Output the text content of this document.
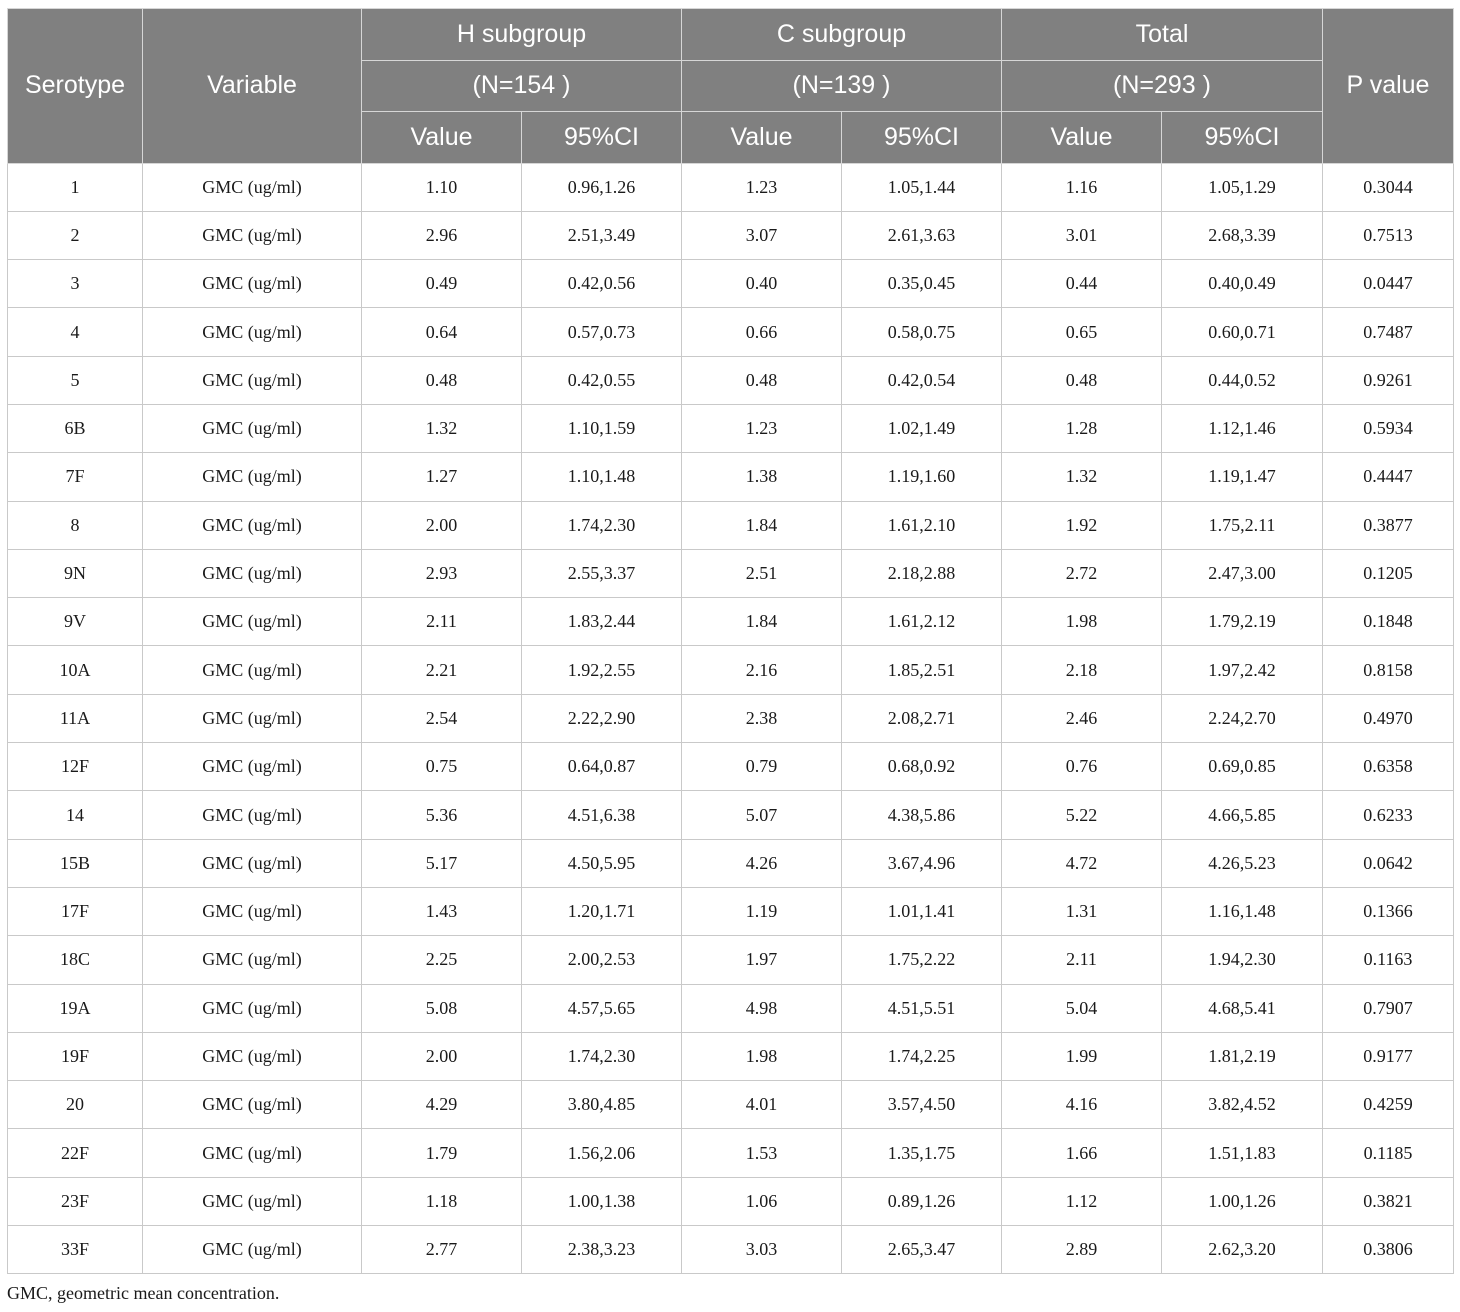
Serotype	Variable	H subgroup		C subgroup		Total		P value
		(N=154 )		(N=139 )		(N=293 )		
		Value	95%CI	Value	95%CI	Value	95%CI	
1	GMC (ug/ml)	1.10	0.96,1.26	1.23	1.05,1.44	1.16	1.05,1.29	0.3044
2	GMC (ug/ml)	2.96	2.51,3.49	3.07	2.61,3.63	3.01	2.68,3.39	0.7513
3	GMC (ug/ml)	0.49	0.42,0.56	0.40	0.35,0.45	0.44	0.40,0.49	0.0447
4	GMC (ug/ml)	0.64	0.57,0.73	0.66	0.58,0.75	0.65	0.60,0.71	0.7487
5	GMC (ug/ml)	0.48	0.42,0.55	0.48	0.42,0.54	0.48	0.44,0.52	0.9261
6B	GMC (ug/ml)	1.32	1.10,1.59	1.23	1.02,1.49	1.28	1.12,1.46	0.5934
7F	GMC (ug/ml)	1.27	1.10,1.48	1.38	1.19,1.60	1.32	1.19,1.47	0.4447
8	GMC (ug/ml)	2.00	1.74,2.30	1.84	1.61,2.10	1.92	1.75,2.11	0.3877
9N	GMC (ug/ml)	2.93	2.55,3.37	2.51	2.18,2.88	2.72	2.47,3.00	0.1205
9V	GMC (ug/ml)	2.11	1.83,2.44	1.84	1.61,2.12	1.98	1.79,2.19	0.1848
10A	GMC (ug/ml)	2.21	1.92,2.55	2.16	1.85,2.51	2.18	1.97,2.42	0.8158
11A	GMC (ug/ml)	2.54	2.22,2.90	2.38	2.08,2.71	2.46	2.24,2.70	0.4970
12F	GMC (ug/ml)	0.75	0.64,0.87	0.79	0.68,0.92	0.76	0.69,0.85	0.6358
14	GMC (ug/ml)	5.36	4.51,6.38	5.07	4.38,5.86	5.22	4.66,5.85	0.6233
15B	GMC (ug/ml)	5.17	4.50,5.95	4.26	3.67,4.96	4.72	4.26,5.23	0.0642
17F	GMC (ug/ml)	1.43	1.20,1.71	1.19	1.01,1.41	1.31	1.16,1.48	0.1366
18C	GMC (ug/ml)	2.25	2.00,2.53	1.97	1.75,2.22	2.11	1.94,2.30	0.1163
19A	GMC (ug/ml)	5.08	4.57,5.65	4.98	4.51,5.51	5.04	4.68,5.41	0.7907
19F	GMC (ug/ml)	2.00	1.74,2.30	1.98	1.74,2.25	1.99	1.81,2.19	0.9177
20	GMC (ug/ml)	4.29	3.80,4.85	4.01	3.57,4.50	4.16	3.82,4.52	0.4259
22F	GMC (ug/ml)	1.79	1.56,2.06	1.53	1.35,1.75	1.66	1.51,1.83	0.1185
23F	GMC (ug/ml)	1.18	1.00,1.38	1.06	0.89,1.26	1.12	1.00,1.26	0.3821
33F	GMC (ug/ml)	2.77	2.38,3.23	3.03	2.65,3.47	2.89	2.62,3.20	0.3806
GMC, geometric mean concentration.
